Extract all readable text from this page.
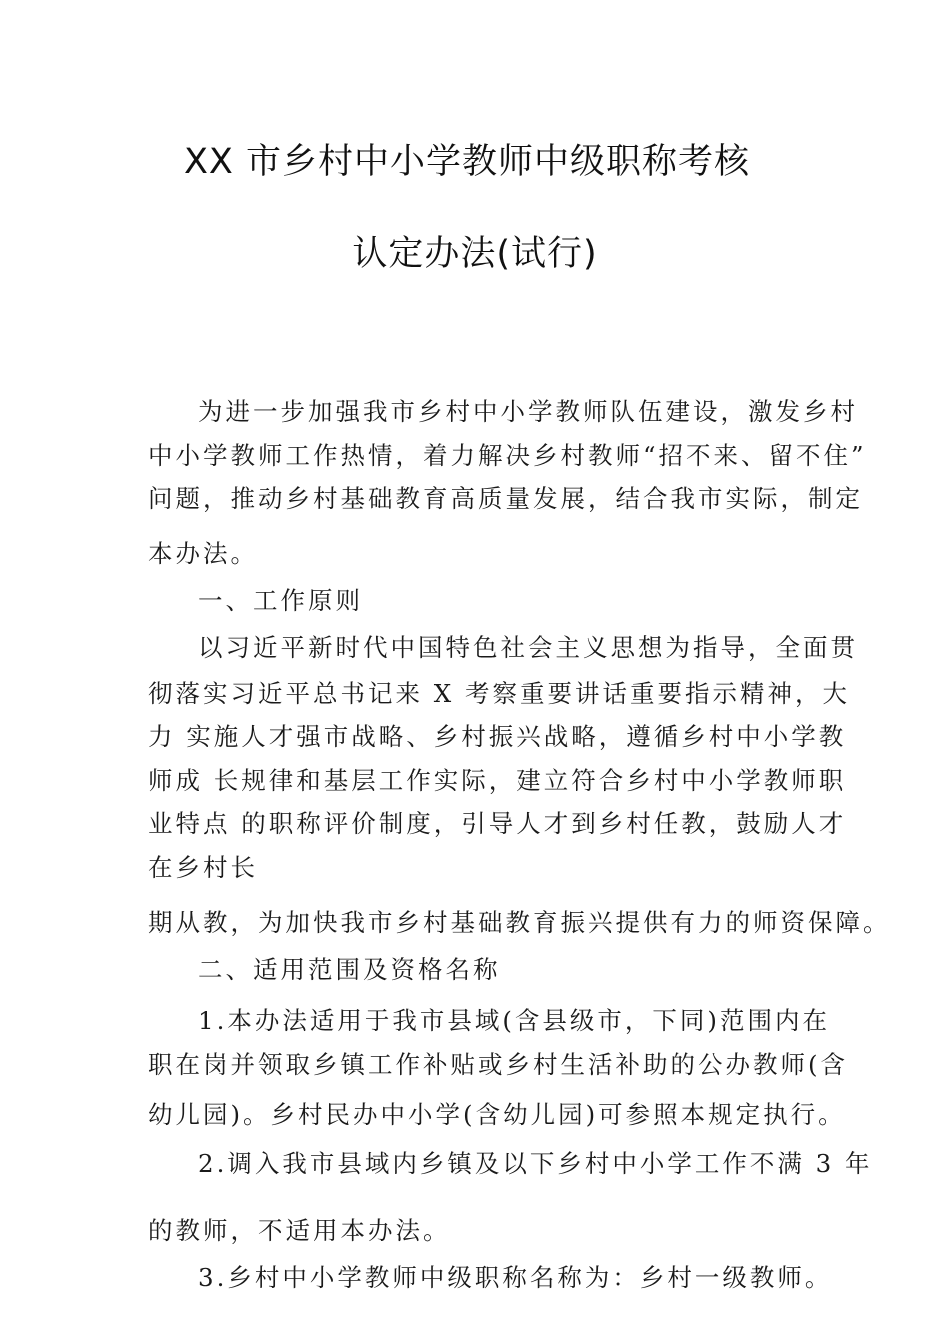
XX 市乡村中小学教师中级职称考核
认定办法(试行)
为进一步加强我市乡村中小学教师队伍建设，激发乡村
中小学教师工作热情，着力解决乡村教师“招不来、留不住”
问题，推动乡村基础教育高质量发展，结合我市实际，制定
本办法。
一、工作原则
以习近平新时代中国特色社会主义思想为指导，全面贯
彻落实习近平总书记来 X 考察重要讲话重要指示精神，大
力 实施人才强市战略、乡村振兴战略，遵循乡村中小学教
师成 长规律和基层工作实际，建立符合乡村中小学教师职
业特点 的职称评价制度，引导人才到乡村任教，鼓励人才
在乡村长
期从教，为加快我市乡村基础教育振兴提供有力的师资保障。
二、适用范围及资格名称
1.本办法适用于我市县域(含县级市，下同)范围内在
职在岗并领取乡镇工作补贴或乡村生活补助的公办教师(含
幼儿园)。乡村民办中小学(含幼儿园)可参照本规定执行。
2.调入我市县域内乡镇及以下乡村中小学工作不满 3 年
的教师，不适用本办法。
3.乡村中小学教师中级职称名称为：乡村一级教师。
